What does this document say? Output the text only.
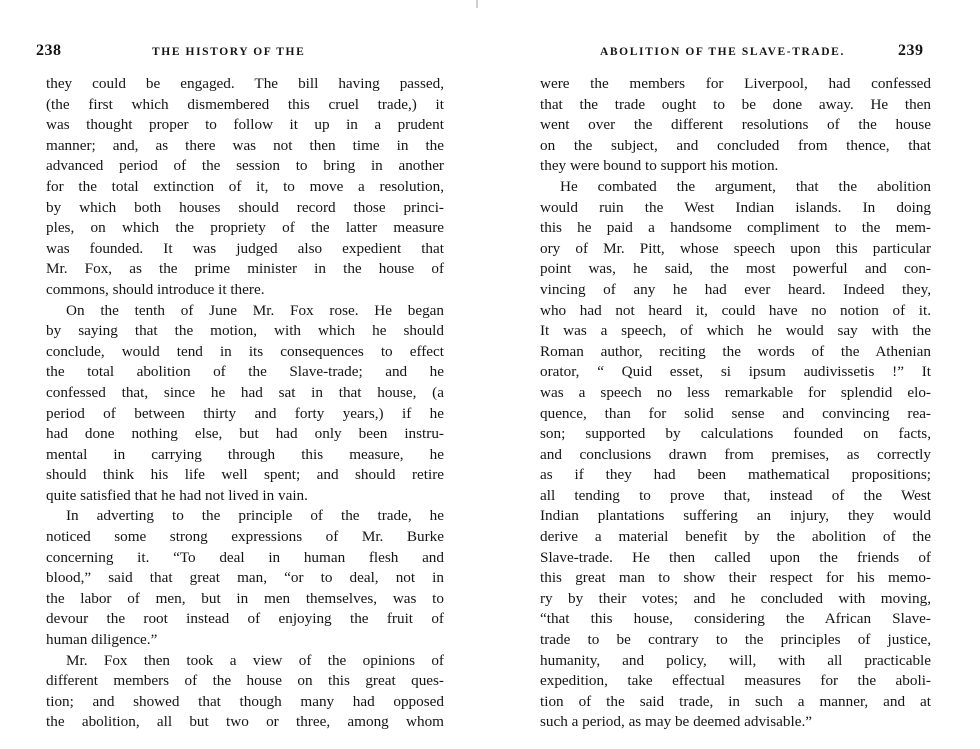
238	THE HISTORY OF THE
they could be engaged. The bill having passed,
(the first which dismembered this cruel trade,) it
was thought proper to follow it up in a prudent
manner; and, as there was not then time in the
advanced period of the session to bring in another
for the total extinction of it, to move a resolution,
by which both houses should record those princi-
ples, on which the propriety of the latter measure
was founded. It was judged also expedient that
Mr. Fox, as the prime minister in the house of
commons, should introduce it there.
On the tenth of June Mr. Fox rose. He began
by saying that the motion, with which he should
conclude, would tend in its consequences to effect
the total abolition of the Slave-trade; and he
confessed that, since he had sat in that house, (a
period of between thirty and forty years,) if he
had done nothing else, but had only been instru-
mental in carrying through this measure, he
should think his life well spent; and should retire
quite satisfied that he had not lived in vain.
In adverting to the principle of the trade, he
noticed some strong expressions of Mr. Burke
concerning it. “To deal in human flesh and
blood,” said that great man, “or to deal, not in
the labor of men, but in men themselves, was to
devour the root instead of enjoying the fruit of
human diligence.”
Mr. Fox then took a view of the opinions of
different members of the house on this great ques-
tion; and showed that though many had opposed
the abolition, all but two or three, among whom
ABOLITION OF THE SLAVE-TRADE.	239
were the members for Liverpool, had confessed
that the trade ought to be done away. He then
went over the different resolutions of the house
on the subject, and concluded from thence, that
they were bound to support his motion.
He combated the argument, that the abolition
would ruin the West Indian islands. In doing
this he paid a handsome compliment to the mem-
ory of Mr. Pitt, whose speech upon this particular
point was, he said, the most powerful and con-
vincing of any he had ever heard. Indeed they,
who had not heard it, could have no notion of it.
It was a speech, of which he would say with the
Roman author, reciting the words of the Athenian
orator, “ Quid esset, si ipsum audivissetis !” It
was a speech no less remarkable for splendid elo-
quence, than for solid sense and convincing rea-
son; supported by calculations founded on facts,
and conclusions drawn from premises, as correctly
as if they had been mathematical propositions;
all tending to prove that, instead of the West
Indian plantations suffering an injury, they would
derive a material benefit by the abolition of the
Slave-trade. He then called upon the friends of
this great man to show their respect for his memo-
ry by their votes; and he concluded with moving,
“that this house, considering the African Slave-
trade to be contrary to the principles of justice,
humanity, and policy, will, with all practicable
expedition, take effectual measures for the aboli-
tion of the said trade, in such a manner, and at
such a period, as may be deemed advisable.”
